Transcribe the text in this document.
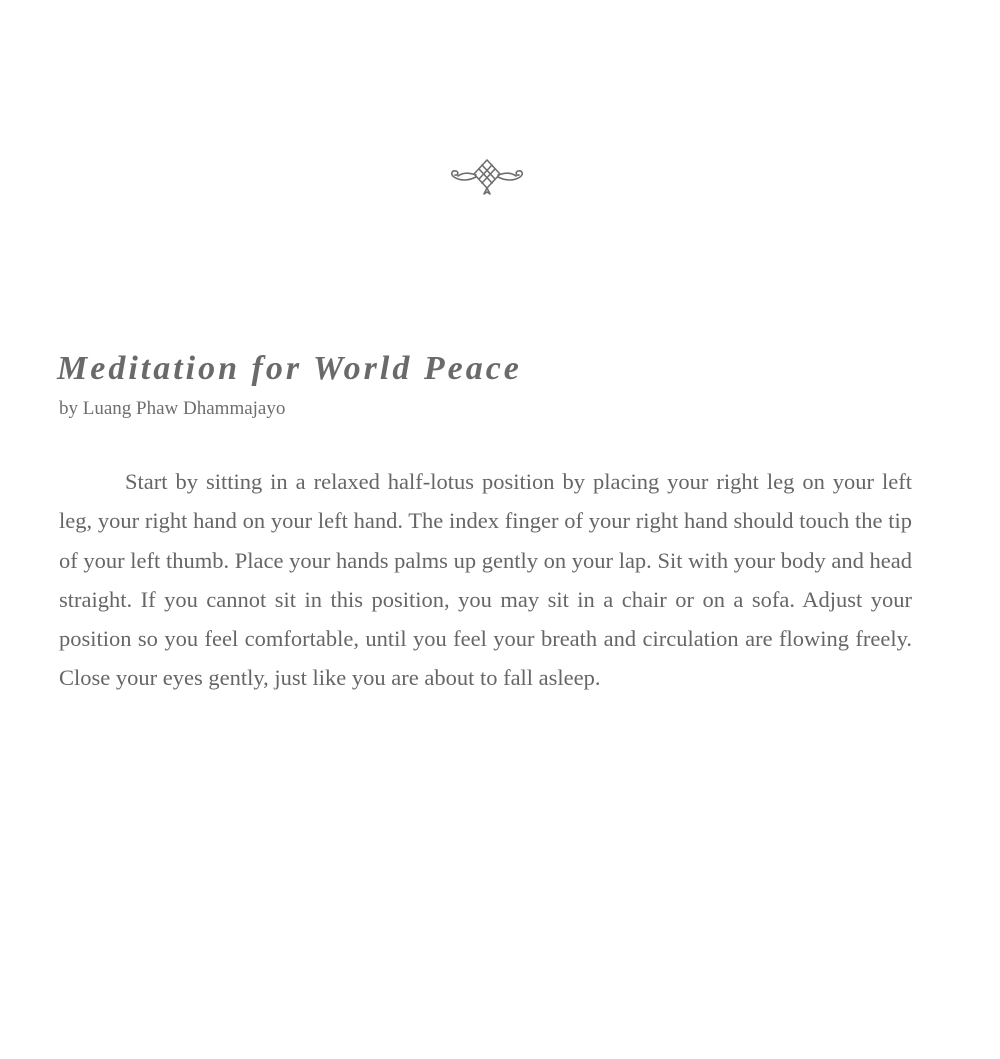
Meditation for World Peace

by Luang Phaw Dhammajayo

Start by sitting in a relaxed half-lotus position by placing your right leg on your left leg, your right hand on your left hand. The index finger of your right hand should touch the tip of your left thumb. Place your hands palms up gently on your lap. Sit with your body and head straight. If you cannot sit in this position, you may sit in a chair or on a sofa. Adjust your position so you feel comfortable, until you feel your breath and circulation are flowing freely. Close your eyes gently, just like you are about to fall asleep.
